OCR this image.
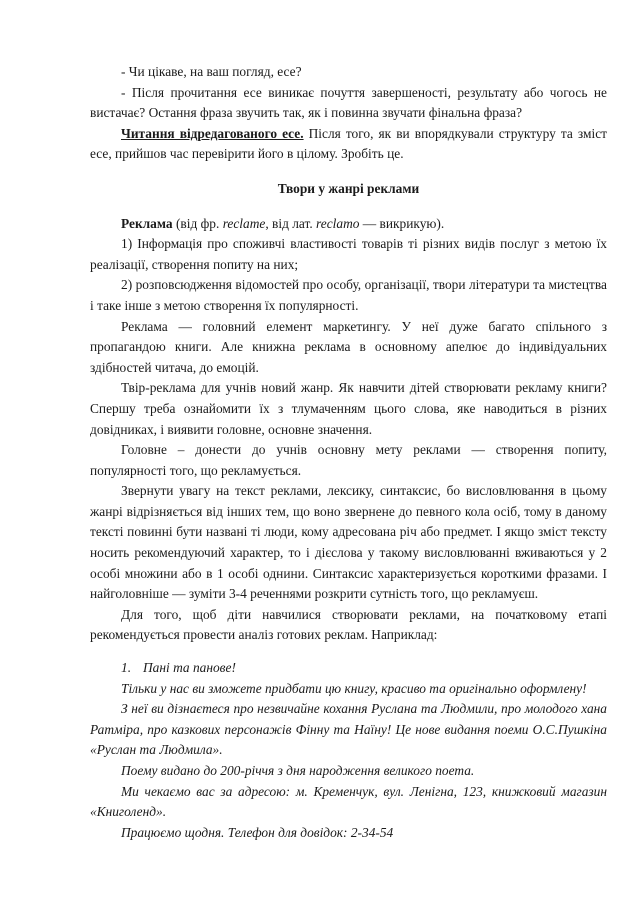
- Чи цікаве, на ваш погляд, есе?

- Після прочитання есе виникає почуття завершеності, результату або чогось не вистачає? Остання фраза звучить так, як і повинна звучати фінальна фраза?

Читання відредагованого есе. Після того, як ви впорядкували структуру та зміст есе, прийшов час перевірити його в цілому. Зробіть це.

Твори у жанрі реклами

Реклама (від фр. reclame, від лат. reclamo — викрикую).

1) Інформація про споживчі властивості товарів ті різних видів послуг з метою їх реалізації, створення попиту на них;

2) розповсюдження відомостей про особу, організації, твори літератури та мистецтва і таке інше з метою створення їх популярності.

Реклама — головний елемент маркетингу. У неї дуже багато спільного з пропагандою книги. Але книжна реклама в основному апелює до індивідуальних здібностей читача, до емоцій.

Твір-реклама для учнів новий жанр. Як навчити дітей створювати рекламу книги? Спершу треба ознайомити їх з тлумаченням цього слова, яке наводиться в різних довідниках, і виявити головне, основне значення.

Головне – донести до учнів основну мету реклами — створення попиту, популярності того, що рекламується.

Звернути увагу на текст реклами, лексику, синтаксис, бо висловлювання в цьому жанрі відрізняється від інших тем, що воно звернене до певного кола осіб, тому в даному тексті повинні бути названі ті люди, кому адресована річ або предмет. І якщо зміст тексту носить рекомендуючий характер, то і дієслова у такому висловлюванні вживаються у 2 особі множини або в 1 особі однини. Синтаксис характеризується короткими фразами. І найголовніше — зуміти 3-4 реченнями розкрити сутність того, що рекламуєш.

Для того, щоб діти навчилися створювати реклами, на початковому етапі рекомендується провести аналіз готових реклам. Наприклад:

1. Пані та панове!

Тільки у нас ви зможете придбати цю книгу, красиво та оригінально оформлену!

З неї ви дізнаєтеся про незвичайне кохання Руслана та Людмили, про молодого хана Ратміра, про казкових персонажів Фінну та Наїну! Це нове видання поеми О.С.Пушкіна «Руслан та Людмила».

Поему видано до 200-річчя з дня народження великого поета.

Ми чекаємо вас за адресою: м. Кременчук, вул. Ленігна, 123, книжковий магазин «Книголенд».

Працюємо щодня. Телефон для довідок: 2-34-54
